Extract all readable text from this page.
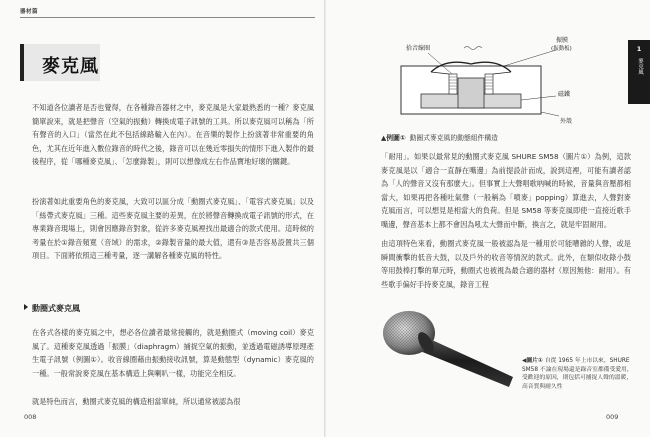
器材篇
麥克風
不知道各位讀者是否也覺得，在各種錄音器材之中，麥克風是大家最熟悉的一種？麥克風簡單說來，就是把聲音（空氣的振動）轉換成電子訊號的工具。所以麥克風可以稱為「所有聲音的入口」（當然在此不包括線路輸入在內）。在音樂的製作上扮演著非常重要的角色，尤其在近年進入數位錄音的時代之後，錄音可以在幾近零損失的情形下進入製作的最後程序，從「哪種麥克風」、「怎麼錄製」，則可以想像成左右作品寶地好壞的關鍵。
扮演著如此重要角色的麥克風，大致可以區分成「動圈式麥克風」、「電容式麥克風」以及「絲帶式麥克風」三種。這些麥克風主要的差異，在於將聲音轉換成電子訊號的形式，在專業錄音現場上，則會因應錄音對象，從許多麥克風裡找出最適合的款式使用。這時候的考量在於①錄音頻寬（音域）的需求，②錄製音量的最大值，還有③是否容易設置共三個項目。下面將依照這三種考量，逐一講解各種麥克風的特性。
動圈式麥克風
在各式各樣的麥克風之中，想必各位讀者最常接觸的，就是動圈式（moving coil）麥克風了。這種麥克風透過「振膜」（diaphragm）捕捉空氣的振動，並透過電磁誘導原理產生電子訊號（例圖①）。收音線圈藉由振動接收訊號，算是動態型（dynamic）麥克風的一種。一般常說麥克風在基本構造上與喇叭一樣，功能完全相反。
就是特色而言，動圈式麥克風的構造相當單純，所以通常被認為很
008
1
麥克風
拾音線圈
振膜
(振動板)
磁鐵
外殼
▲例圖① 動圈式麥克風的動態組件構造
「耐用」。如果以最常見的動圈式麥克風 SHURE SM58（圖片①）為例，這款麥克風是以「適合一直靜在嘴邊」為前提設計而成，說到這裡，可能有讀者認為「人的聲音又沒有那麼大」。但事實上大聲唱歌吶喊的時候，音量與音壓都相當大，如果再把各種吐氣聲（一般稱為「噴麥」popping）算進去，人聲對麥克風而言，可以想見是相當大的負荷。但是 SM58 等麥克風即使一直接近歌手嘴邊，聲音基本上都不會因為吼太大聲而中斷，換言之，就是牢固耐用。
由這項特色來看，動圈式麥克風一般被認為是一種用於可能嘈雜的人聲，或是瞬間衝擊的低音大鼓，以及戶外的收音等情況的款式。此外，在類似收錄小鼓等用鼓棒打擊的單元時，動圈式也被視為最合適的器材（原因無他：耐用）。有些歌手偏好手持麥克風，錄音工程
◀圖片① 自從 1965 年上市以來，SHURE SM58 不論在現場還是錄音室都備受愛用，受歡迎的原因，則包括可捕捉人聲的溫暖，高音質與耐久性
009
